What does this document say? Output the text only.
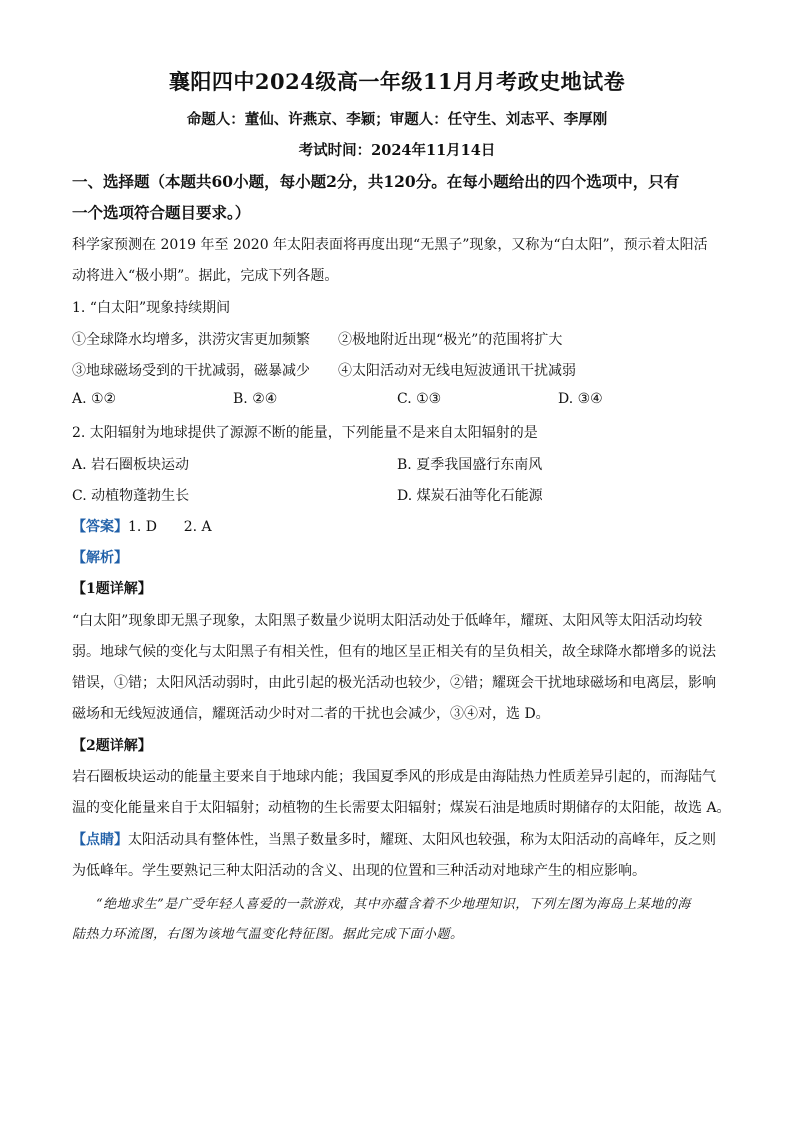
襄阳四中2024级高一年级11月月考政史地试卷
命题人：董仙、许燕京、李颖；审题人：任守生、刘志平、李厚刚
考试时间：2024年11月14日
一、选择题（本题共60小题，每小题2分，共120分。在每小题给出的四个选项中，只有
一个选项符合题目要求。）
科学家预测在 2019 年至 2020 年太阳表面将再度出现“无黑子”现象，又称为“白太阳”，预示着太阳活
动将进入“极小期”。据此，完成下列各题。
1. “白太阳”现象持续期间
①全球降水均增多，洪涝灾害更加频繁 ②极地附近出现“极光”的范围将扩大
③地球磁场受到的干扰减弱，磁暴减少 ④太阳活动对无线电短波通讯干扰减弱
A. ①②	B. ②④	C. ①③	D. ③④
2. 太阳辐射为地球提供了源源不断的能量，下列能量不是来自太阳辐射的是
A. 岩石圈板块运动	B. 夏季我国盛行东南风
C. 动植物蓬勃生长	D. 煤炭石油等化石能源
【答案】1. D      2. A
【解析】
【1题详解】
“白太阳”现象即无黑子现象，太阳黑子数量少说明太阳活动处于低峰年，耀斑、太阳风等太阳活动均较
弱。地球气候的变化与太阳黑子有相关性，但有的地区呈正相关有的呈负相关，故全球降水都增多的说法
错误，①错；太阳风活动弱时，由此引起的极光活动也较少，②错；耀斑会干扰地球磁场和电离层，影响
磁场和无线短波通信，耀斑活动少时对二者的干扰也会减少，③④对，选 D。
【2题详解】
岩石圈板块运动的能量主要来自于地球内能；我国夏季风的形成是由海陆热力性质差异引起的，而海陆气
温的变化能量来自于太阳辐射；动植物的生长需要太阳辐射；煤炭石油是地质时期储存的太阳能，故选 A。
【点睛】太阳活动具有整体性，当黑子数量多时，耀斑、太阳风也较强，称为太阳活动的高峰年，反之则
为低峰年。学生要熟记三种太阳活动的含义、出现的位置和三种活动对地球产生的相应影响。
“绝地求生”是广受年轻人喜爱的一款游戏，其中亦蕴含着不少地理知识，下列左图为海岛上某地的海
陆热力环流图，右图为该地气温变化特征图。据此完成下面小题。
